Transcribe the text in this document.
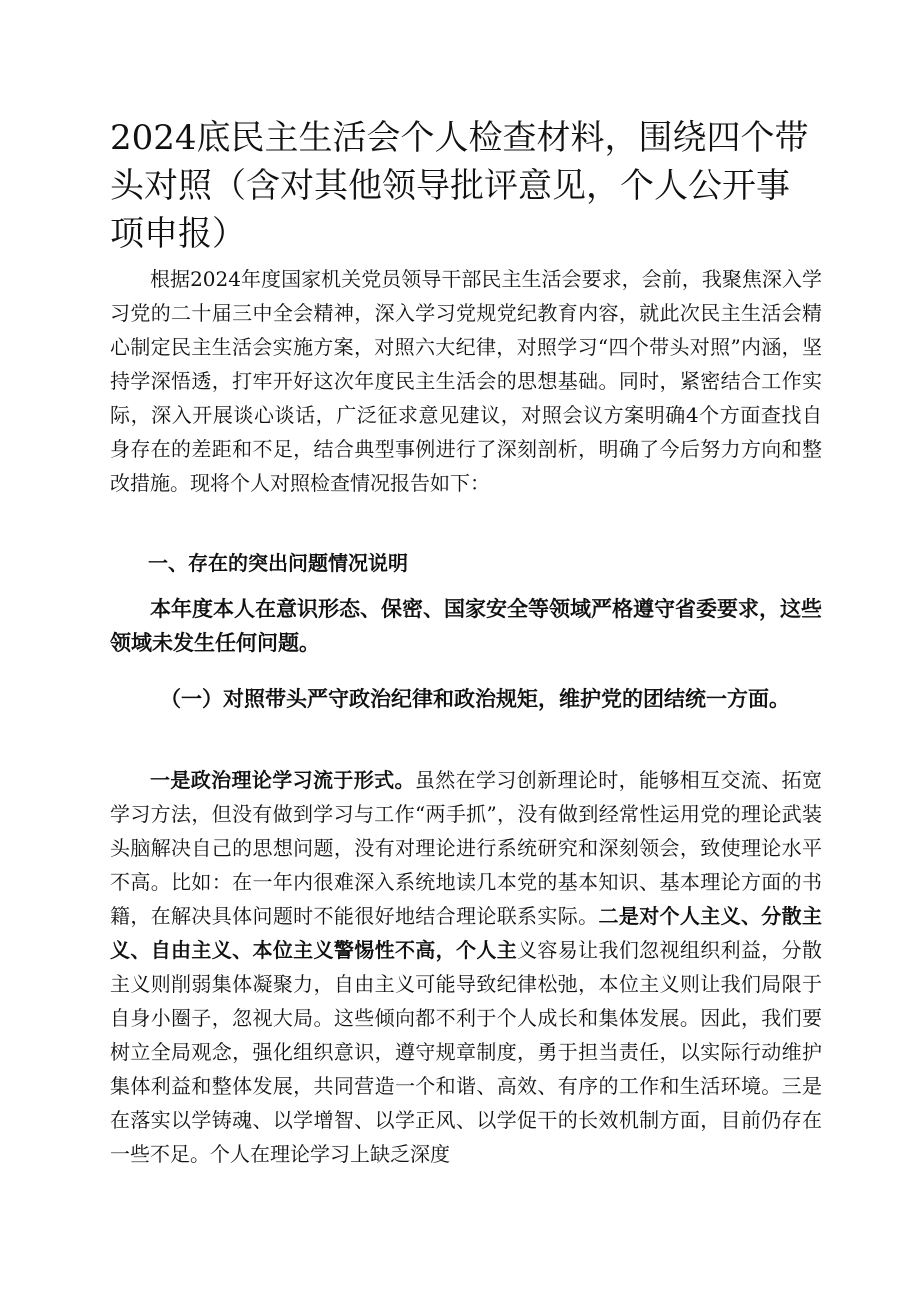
2024底民主生活会个人检查材料，围绕四个带头对照（含对其他领导批评意见，个人公开事项申报）

根据2024年度国家机关党员领导干部民主生活会要求，会前，我聚焦深入学习党的二十届三中全会精神，深入学习党规党纪教育内容，就此次民主生活会精心制定民主生活会实施方案，对照六大纪律，对照学习“四个带头对照”内涵，坚持学深悟透，打牢开好这次年度民主生活会的思想基础。同时，紧密结合工作实际，深入开展谈心谈话，广泛征求意见建议，对照会议方案明确4个方面查找自身存在的差距和不足，结合典型事例进行了深刻剖析，明确了今后努力方向和整改措施。现将个人对照检查情况报告如下：

一、存在的突出问题情况说明

本年度本人在意识形态、保密、国家安全等领域严格遵守省委要求，这些领域未发生任何问题。

（一）对照带头严守政治纪律和政治规矩，维护党的团结统一方面。

一是政治理论学习流于形式。虽然在学习创新理论时，能够相互交流、拓宽学习方法，但没有做到学习与工作“两手抓”，没有做到经常性运用党的理论武装头脑解决自己的思想问题，没有对理论进行系统研究和深刻领会，致使理论水平不高。比如：在一年内很难深入系统地读几本党的基本知识、基本理论方面的书籍，在解决具体问题时不能很好地结合理论联系实际。二是对个人主义、分散主义、自由主义、本位主义警惕性不高，个人主义容易让我们忽视组织利益，分散主义则削弱集体凝聚力，自由主义可能导致纪律松弛，本位主义则让我们局限于自身小圈子，忽视大局。这些倾向都不利于个人成长和集体发展。因此，我们要树立全局观念，强化组织意识，遵守规章制度，勇于担当责任，以实际行动维护集体利益和整体发展，共同营造一个和谐、高效、有序的工作和生活环境。三是在落实以学铸魂、以学增智、以学正风、以学促干的长效机制方面，目前仍存在一些不足。个人在理论学习上缺乏深度
